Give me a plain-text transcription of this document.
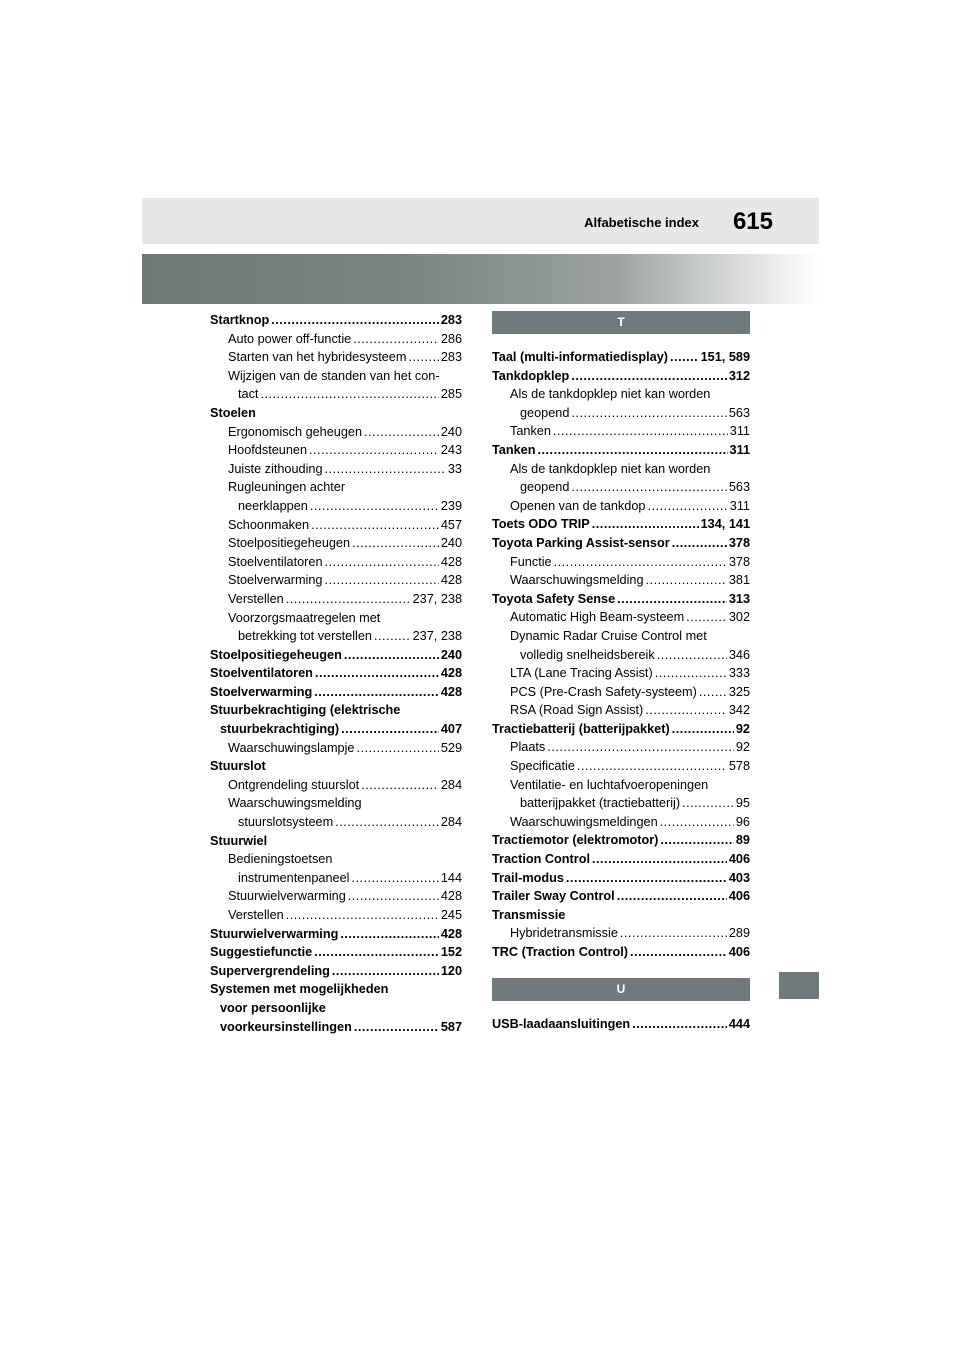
Alfabetische index 615
Startknop .....	283
Auto power off-functie .....	286
Starten van het hybridesysteem .....	283
Wijzigen van de standen van het con-
tact .....	285
Stoelen
Ergonomisch geheugen .....	240
Hoofdsteunen .....	243
Juiste zithouding .....	33
Rugleuningen achter
neerklappen .....	239
Schoonmaken .....	457
Stoelpositiegeheugen .....	240
Stoelventilatoren .....	428
Stoelverwarming .....	428
Verstellen .....	237, 238
Voorzorgsmaatregelen met
betrekking tot verstellen .....	237, 238
Stoelpositiegeheugen .....	240
Stoelventilatoren .....	428
Stoelverwarming .....	428
Stuurbekrachtiging (elektrische
stuurbekrachtiging) .....	407
Waarschuwingslampje .....	529
Stuurslot
Ontgrendeling stuurslot .....	284
Waarschuwingsmelding
stuurslotsysteem .....	284
Stuurwiel
Bedieningstoetsen
instrumentenpaneel .....	144
Stuurwielverwarming .....	428
Verstellen .....	245
Stuurwielverwarming .....	428
Suggestiefunctie .....	152
Supervergrendeling .....	120
Systemen met mogelijkheden
voor persoonlijke
voorkeursinstellingen .....	587
T
Taal (multi-informatiedisplay) .....	151, 589
Tankdopklep .....	312
Als de tankdopklep niet kan worden
geopend .....	563
Tanken .....	311
Tanken .....	311
Als de tankdopklep niet kan worden
geopend .....	563
Openen van de tankdop .....	311
Toets ODO TRIP .....	134, 141
Toyota Parking Assist-sensor .....	378
Functie .....	378
Waarschuwingsmelding .....	381
Toyota Safety Sense .....	313
Automatic High Beam-systeem .....	302
Dynamic Radar Cruise Control met
volledig snelheidsbereik .....	346
LTA (Lane Tracing Assist) .....	333
PCS (Pre-Crash Safety-systeem) .....	325
RSA (Road Sign Assist) .....	342
Tractiebatterij (batterijpakket) .....	92
Plaats .....	92
Specificatie .....	578
Ventilatie- en luchtafvoeropeningen
batterijpakket (tractiebatterij) .....	95
Waarschuwingsmeldingen .....	96
Tractiemotor (elektromotor) .....	89
Traction Control .....	406
Trail-modus .....	403
Trailer Sway Control .....	406
Transmissie
Hybridetransmissie .....	289
TRC (Traction Control) .....	406
U
USB-laadaansluitingen .....	444
